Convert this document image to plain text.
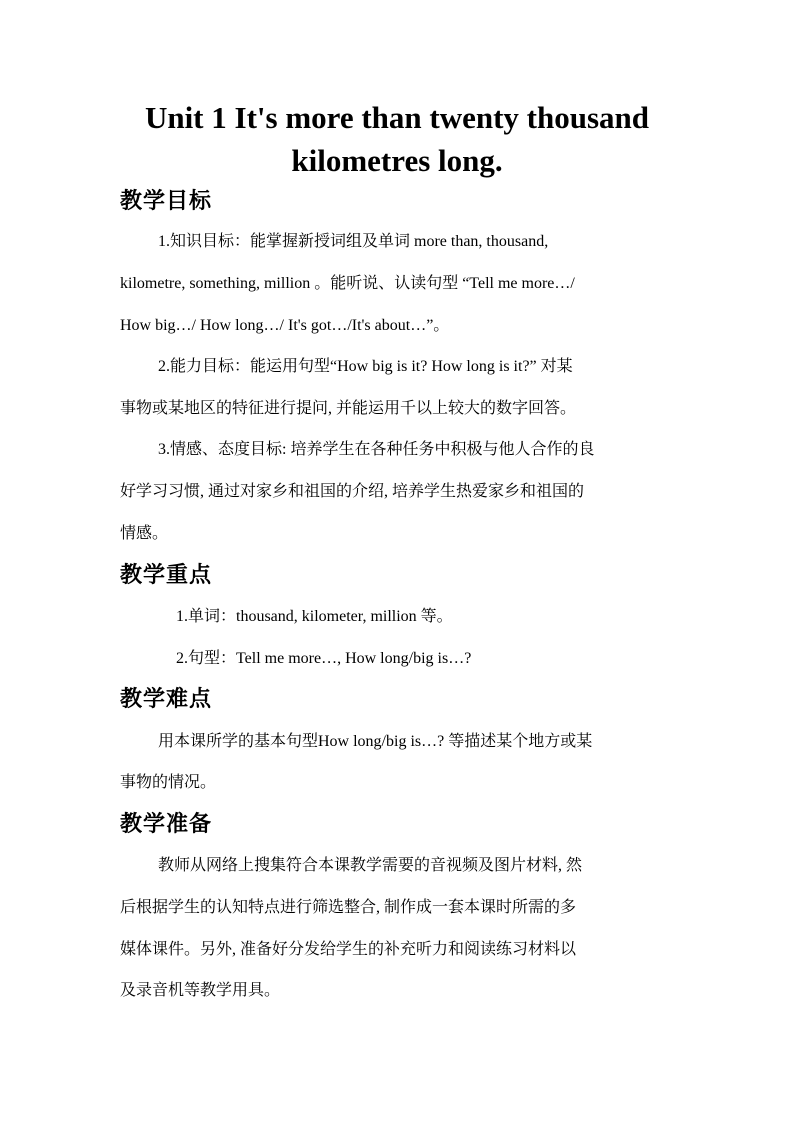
Unit 1 It's more than twenty thousand
kilometres long.
教学目标

1.知识目标：能掌握新授词组及单词 more than, thousand,

kilometre, something, million 。能听说、认读句型 “Tell me more…/

How big…/ How long…/ It's got…/It's about…”。

2.能力目标：能运用句型“How big is it? How long is it?” 对某

事物或某地区的特征进行提问, 并能运用千以上较大的数字回答。

3.情感、态度目标: 培养学生在各种任务中积极与他人合作的良

好学习习惯, 通过对家乡和祖国的介绍, 培养学生热爱家乡和祖国的

情感。

教学重点

1.单词：thousand, kilometer, million 等。

2.句型：Tell me more…, How long/big is…?

教学难点

用本课所学的基本句型How long/big is…? 等描述某个地方或某

事物的情况。

教学准备

教师从网络上搜集符合本课教学需要的音视频及图片材料, 然

后根据学生的认知特点进行筛选整合, 制作成一套本课时所需的多

媒体课件。另外, 准备好分发给学生的补充听力和阅读练习材料以

及录音机等教学用具。
